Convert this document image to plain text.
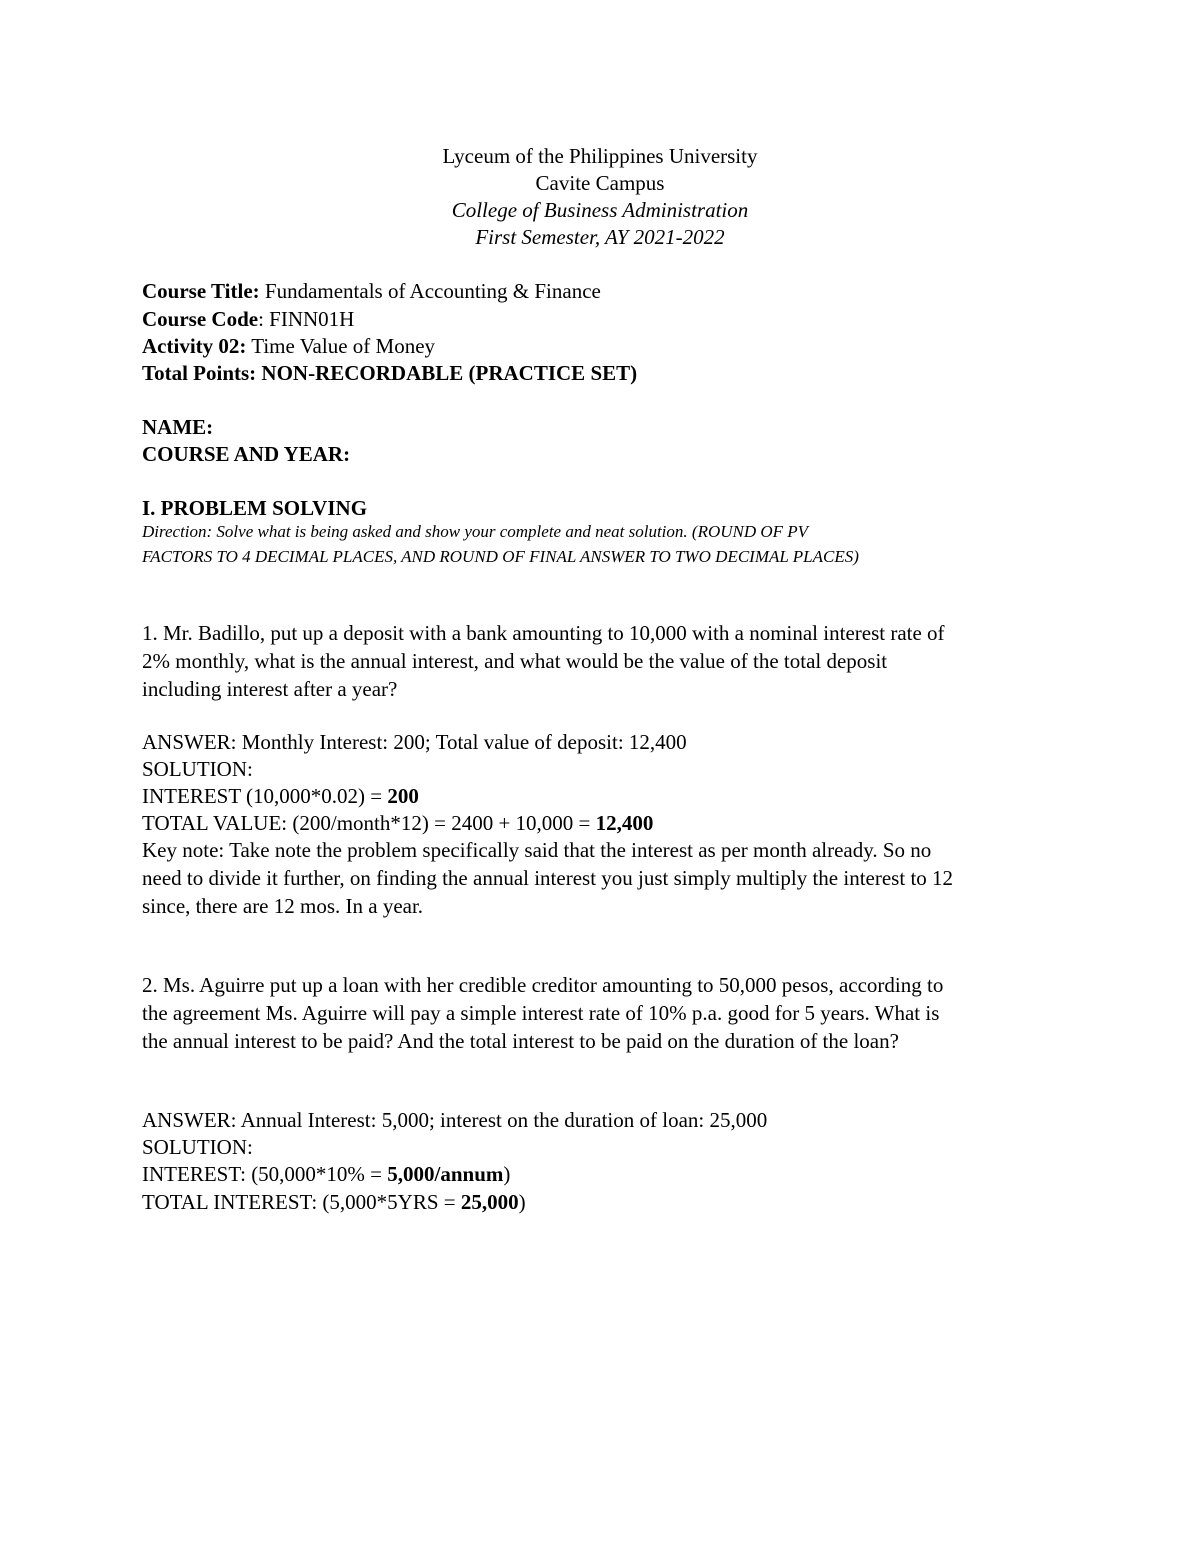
Lyceum of the Philippines University
Cavite Campus
College of Business Administration
First Semester, AY 2021-2022
Course Title: Fundamentals of Accounting & Finance
Course Code: FINN01H
Activity 02: Time Value of Money
Total Points: NON-RECORDABLE (PRACTICE SET)
NAME:
COURSE AND YEAR:
I. PROBLEM SOLVING
Direction: Solve what is being asked and show your complete and neat solution. (ROUND OF PV
FACTORS TO 4 DECIMAL PLACES, AND ROUND OF FINAL ANSWER TO TWO DECIMAL PLACES)
1. Mr. Badillo, put up a deposit with a bank amounting to 10,000 with a nominal interest rate of
2% monthly, what is the annual interest, and what would be the value of the total deposit
including interest after a year?
ANSWER: Monthly Interest: 200; Total value of deposit: 12,400
SOLUTION:
INTEREST (10,000*0.02) = 200
TOTAL VALUE: (200/month*12) = 2400 + 10,000 = 12,400
Key note: Take note the problem specifically said that the interest as per month already. So no
need to divide it further, on finding the annual interest you just simply multiply the interest to 12
since, there are 12 mos. In a year.
2. Ms. Aguirre put up a loan with her credible creditor amounting to 50,000 pesos, according to
the agreement Ms. Aguirre will pay a simple interest rate of 10% p.a. good for 5 years. What is
the annual interest to be paid? And the total interest to be paid on the duration of the loan?
ANSWER: Annual Interest: 5,000; interest on the duration of loan: 25,000
SOLUTION:
INTEREST: (50,000*10% = 5,000/annum)
TOTAL INTEREST: (5,000*5YRS = 25,000)
